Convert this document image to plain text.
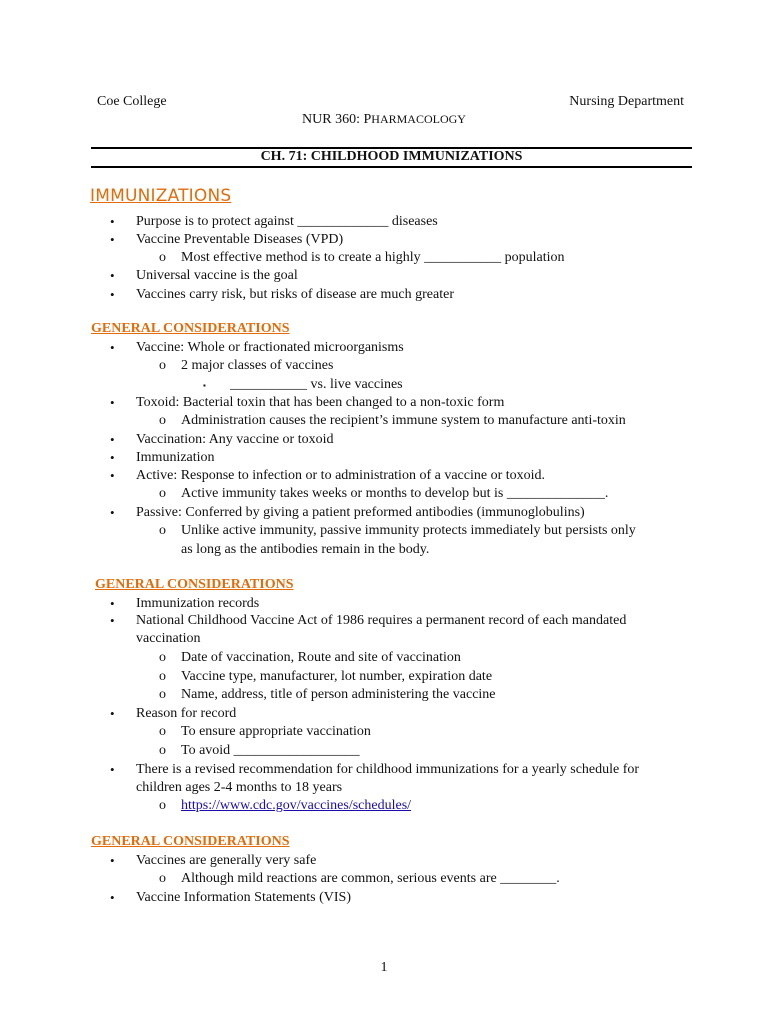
Coe College	Nursing Department
NUR 360: PHARMACOLOGY
CH. 71: CHILDHOOD IMMUNIZATIONS
IMMUNIZATIONS
• Purpose is to protect against _____________ diseases
• Vaccine Preventable Diseases (VPD)
o Most effective method is to create a highly ___________ population
• Universal vaccine is the goal
• Vaccines carry risk, but risks of disease are much greater
GENERAL CONSIDERATIONS
• Vaccine: Whole or fractionated microorganisms
o 2 major classes of vaccines
▪ ___________ vs. live vaccines
• Toxoid: Bacterial toxin that has been changed to a non-toxic form
o Administration causes the recipient’s immune system to manufacture anti-toxin
• Vaccination: Any vaccine or toxoid
• Immunization
• Active: Response to infection or to administration of a vaccine or toxoid.
o Active immunity takes weeks or months to develop but is ______________.
• Passive: Conferred by giving a patient preformed antibodies (immunoglobulins)
o Unlike active immunity, passive immunity protects immediately but persists only
as long as the antibodies remain in the body.
GENERAL CONSIDERATIONS
• Immunization records
• National Childhood Vaccine Act of 1986 requires a permanent record of each mandated
vaccination
o Date of vaccination, Route and site of vaccination
o Vaccine type, manufacturer, lot number, expiration date
o Name, address, title of person administering the vaccine
• Reason for record
o To ensure appropriate vaccination
o To avoid __________________
• There is a revised recommendation for childhood immunizations for a yearly schedule for
children ages 2-4 months to 18 years
o https://www.cdc.gov/vaccines/schedules/
GENERAL CONSIDERATIONS
• Vaccines are generally very safe
o Although mild reactions are common, serious events are ________.
• Vaccine Information Statements (VIS)
1
